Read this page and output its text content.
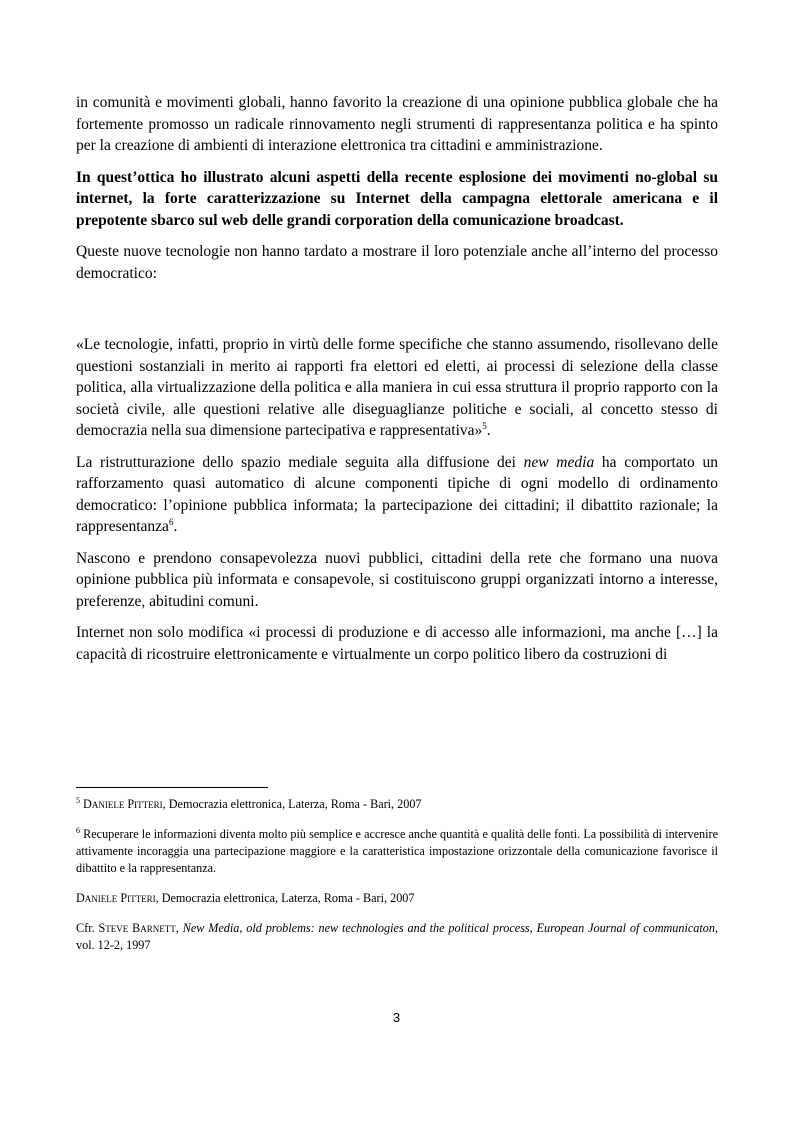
in comunità e movimenti globali, hanno favorito la creazione di una opinione pubblica globale che ha fortemente promosso un radicale rinnovamento negli strumenti di rappresentanza politica e ha spinto per la creazione di ambienti di interazione elettronica tra cittadini e amministrazione.

In quest’ottica ho illustrato alcuni aspetti della recente esplosione dei movimenti no-global su internet, la forte caratterizzazione su Internet della campagna elettorale americana e il prepotente sbarco sul web delle grandi corporation della comunicazione broadcast.

Queste nuove tecnologie non hanno tardato a mostrare il loro potenziale anche all’interno del processo democratico:

«Le tecnologie, infatti, proprio in virtù delle forme specifiche che stanno assumendo, risollevano delle questioni sostanziali in merito ai rapporti fra elettori ed eletti, ai processi di selezione della classe politica, alla virtualizzazione della politica e alla maniera in cui essa struttura il proprio rapporto con la società civile, alle questioni relative alle diseguaglianze politiche e sociali, al concetto stesso di democrazia nella sua dimensione partecipativa e rappresentativa»$^5$.

La ristrutturazione dello spazio mediale seguita alla diffusione dei new media ha comportato un rafforzamento quasi automatico di alcune componenti tipiche di ogni modello di ordinamento democratico: l’opinione pubblica informata; la partecipazione dei cittadini; il dibattito razionale; la rappresentanza$^6$.

Nascono e prendono consapevolezza nuovi pubblici, cittadini della rete che formano una nuova opinione pubblica più informata e consapevole, si costituiscono gruppi organizzati intorno a interesse, preferenze, abitudini comuni.

Internet non solo modifica «i processi di produzione e di accesso alle informazioni, ma anche […] la capacità di ricostruire elettronicamente e virtualmente un corpo politico libero da costruzioni di

$^5$ Daniele Pitteri, Democrazia elettronica, Laterza, Roma - Bari, 2007

$^6$ Recuperare le informazioni diventa molto più semplice e accresce anche quantità e qualità delle fonti. La possibilità di intervenire attivamente incoraggia una partecipazione maggiore e la caratteristica impostazione orizzontale della comunicazione favorisce il dibattito e la rappresentanza.

Daniele Pitteri, Democrazia elettronica, Laterza, Roma - Bari, 2007

Cfr. Steve Barnett, New Media, old problems: new technologies and the political process, European Journal of communicaton, vol. 12-2, 1997

3
